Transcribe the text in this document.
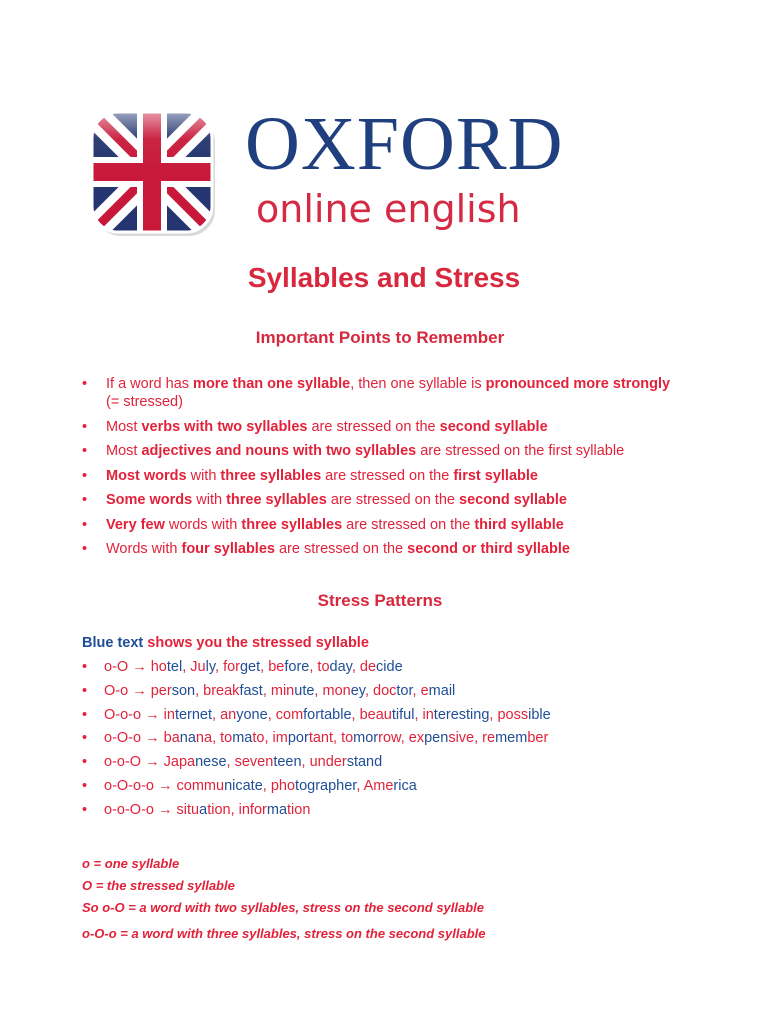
OXFORD
online english
Syllables and Stress
Important Points to Remember
• If a word has more than one syllable, then one syllable is pronounced more strongly (= stressed)
• Most verbs with two syllables are stressed on the second syllable
• Most adjectives and nouns with two syllables are stressed on the first syllable
• Most words with three syllables are stressed on the first syllable
• Some words with three syllables are stressed on the second syllable
• Very few words with three syllables are stressed on the third syllable
• Words with four syllables are stressed on the second or third syllable
Stress Patterns

Blue text shows you the stressed syllable

• o-O → hotel, July, forget, before, today, decide
• O-o → person, breakfast, minute, money, doctor, email
• O-o-o → internet, anyone, comfortable, beautiful, interesting, possible
• o-O-o → banana, tomato, important, tomorrow, expensive, remember
• o-o-O → Japanese, seventeen, understand
• o-O-o-o → communicate, photographer, America
• o-o-O-o → situation, information
o = one syllable
O = the stressed syllable
So o-O = a word with two syllables, stress on the second syllable
o-O-o = a word with three syllables, stress on the second syllable
